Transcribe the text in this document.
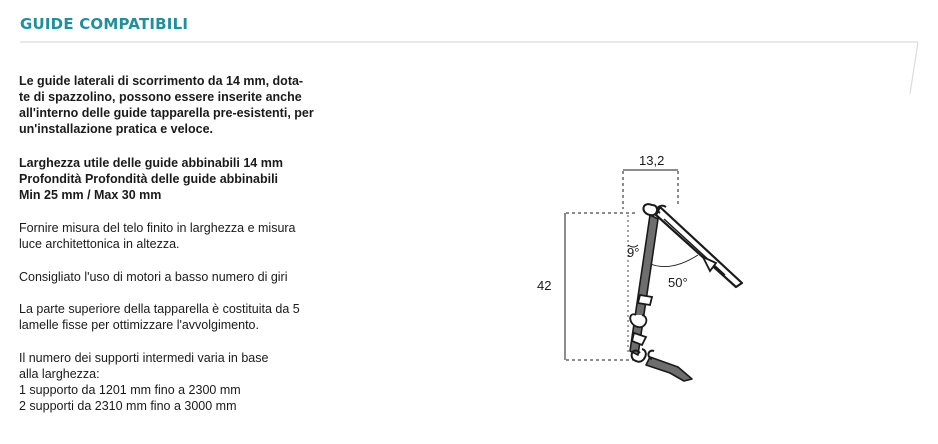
GUIDE COMPATIBILI
Le guide laterali di scorrimento da 14 mm, dota-
te di spazzolino, possono essere inserite anche
all'interno delle guide tapparella pre-esistenti, per
un'installazione pratica e veloce.
Larghezza utile delle guide abbinabili 14 mm
Profondità Profondità delle guide abbinabili
Min 25 mm / Max 30 mm
Fornire misura del telo finito in larghezza e misura
luce architettonica in altezza.
Consigliato l'uso di motori a basso numero di giri
La parte superiore della tapparella è costituita da 5
lamelle fisse per ottimizzare l'avvolgimento.
Il numero dei supporti intermedi varia in base
alla larghezza:
1 supporto da 1201 mm fino a 2300 mm
2 supporti da 2310 mm fino a 3000 mm
13,2
42
9°
50°
